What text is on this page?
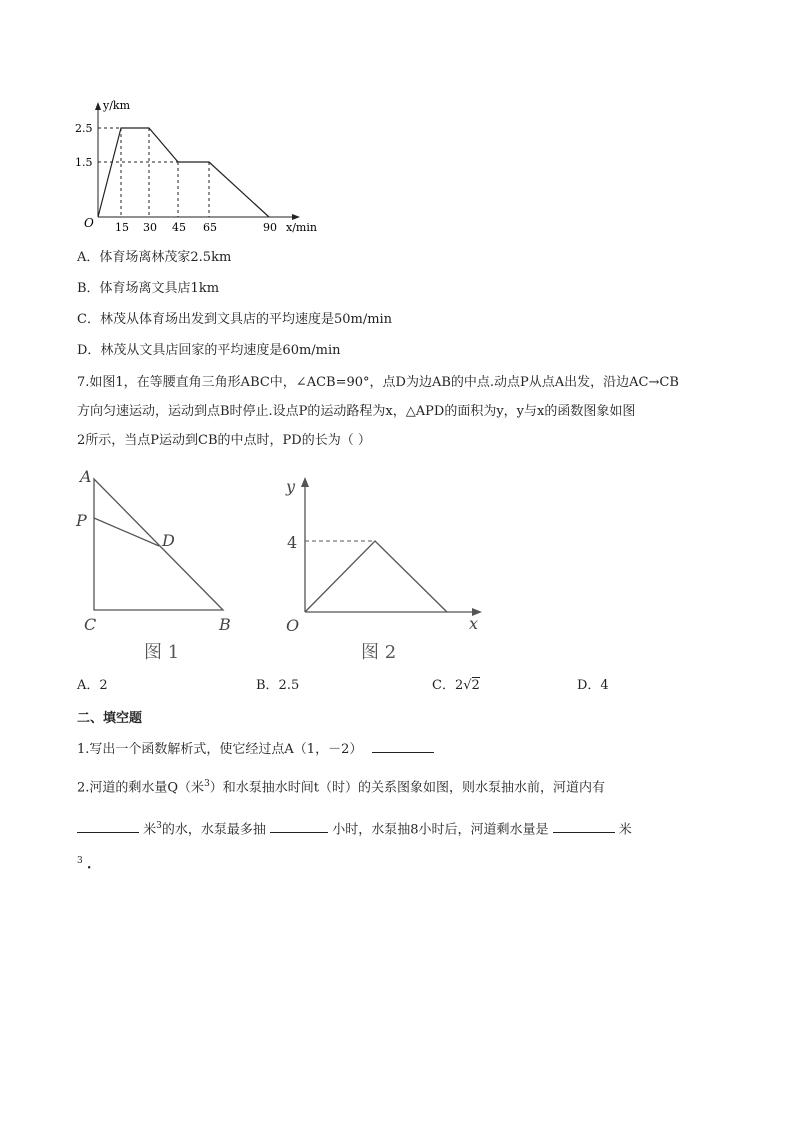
y/km
x/min
O
2.5
1.5
15 30 45 65	90
A．体育场离林茂家2.5km
B．体育场离文具店1km
C．林茂从体育场出发到文具店的平均速度是50m/min
D．林茂从文具店回家的平均速度是60m/min
7.如图1，在等腰直角三角形ABC中，∠ACB=90°，点D为边AB的中点.动点P从点A出发，沿边AC→CB
方向匀速运动，运动到点B时停止.设点P的运动路程为x，△APD的面积为y，y与x的函数图象如图
2所示，当点P运动到CB的中点时，PD的长为（ ）
A
P
D
C	B
图 1
y
x
O
4
图 2
A．2	B．2.5	C．2√2	D．4
二、填空题
1.写出一个函数解析式，使它经过点A（1，－2）
2.河道的剩水量Q（米$^3$）和水泵抽水时间t（时）的关系图象如图，则水泵抽水前，河道内有
米$^3$的水，水泵最多抽	小时，水泵抽8小时后，河道剩水量是	米
$^3$ .
